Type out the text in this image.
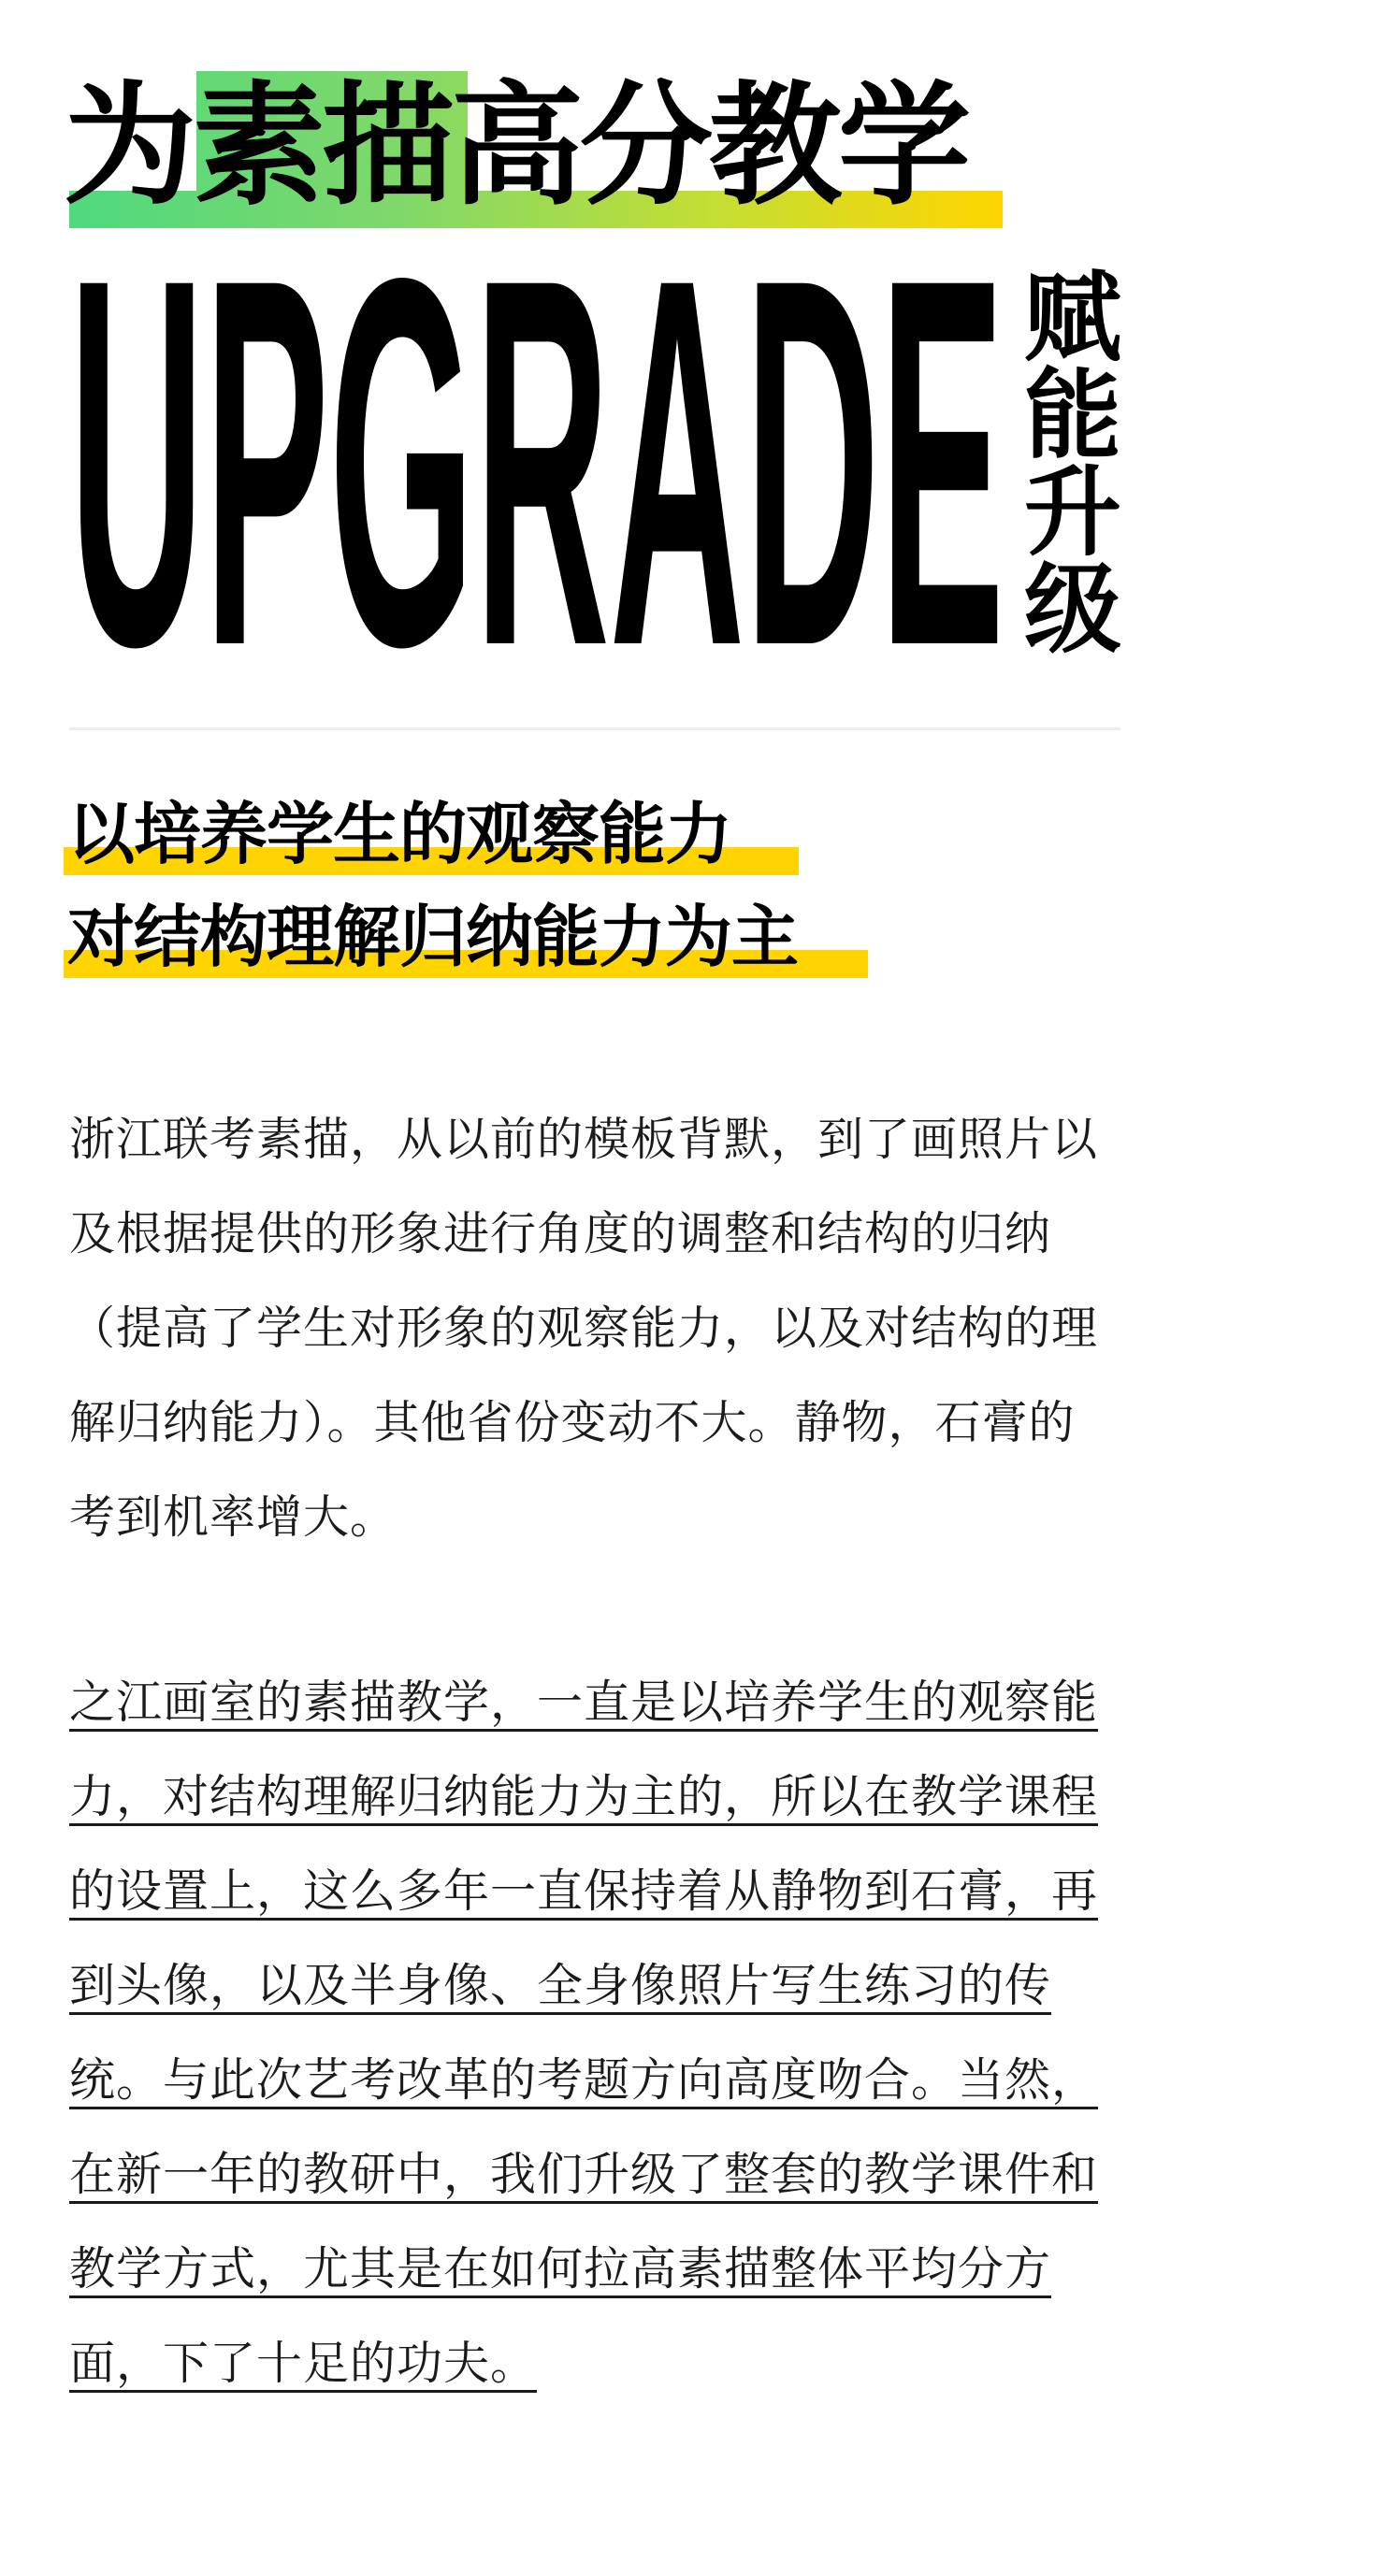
为素描高分教学
UPGRADE 赋
能
升
级
以培养学生的观察能力
对结构理解归纳能力为主

浙江联考素描，从以前的模板背默，到了画照片以及根据提供的形象进行角度的调整和结构的归纳（提高了学生对形象的观察能力，以及对结构的理解归纳能力）。其他省份变动不大。静物，石膏的考到机率增大。

之江画室的素描教学，一直是以培养学生的观察能力，对结构理解归纳能力为主的，所以在教学课程的设置上，这么多年一直保持着从静物到石膏，再到头像，以及半身像、全身像照片写生练习的传统。与此次艺考改革的考题方向高度吻合。当然，在新一年的教研中，我们升级了整套的教学课件和教学方式，尤其是在如何拉高素描整体平均分方面，下了十足的功夫。
